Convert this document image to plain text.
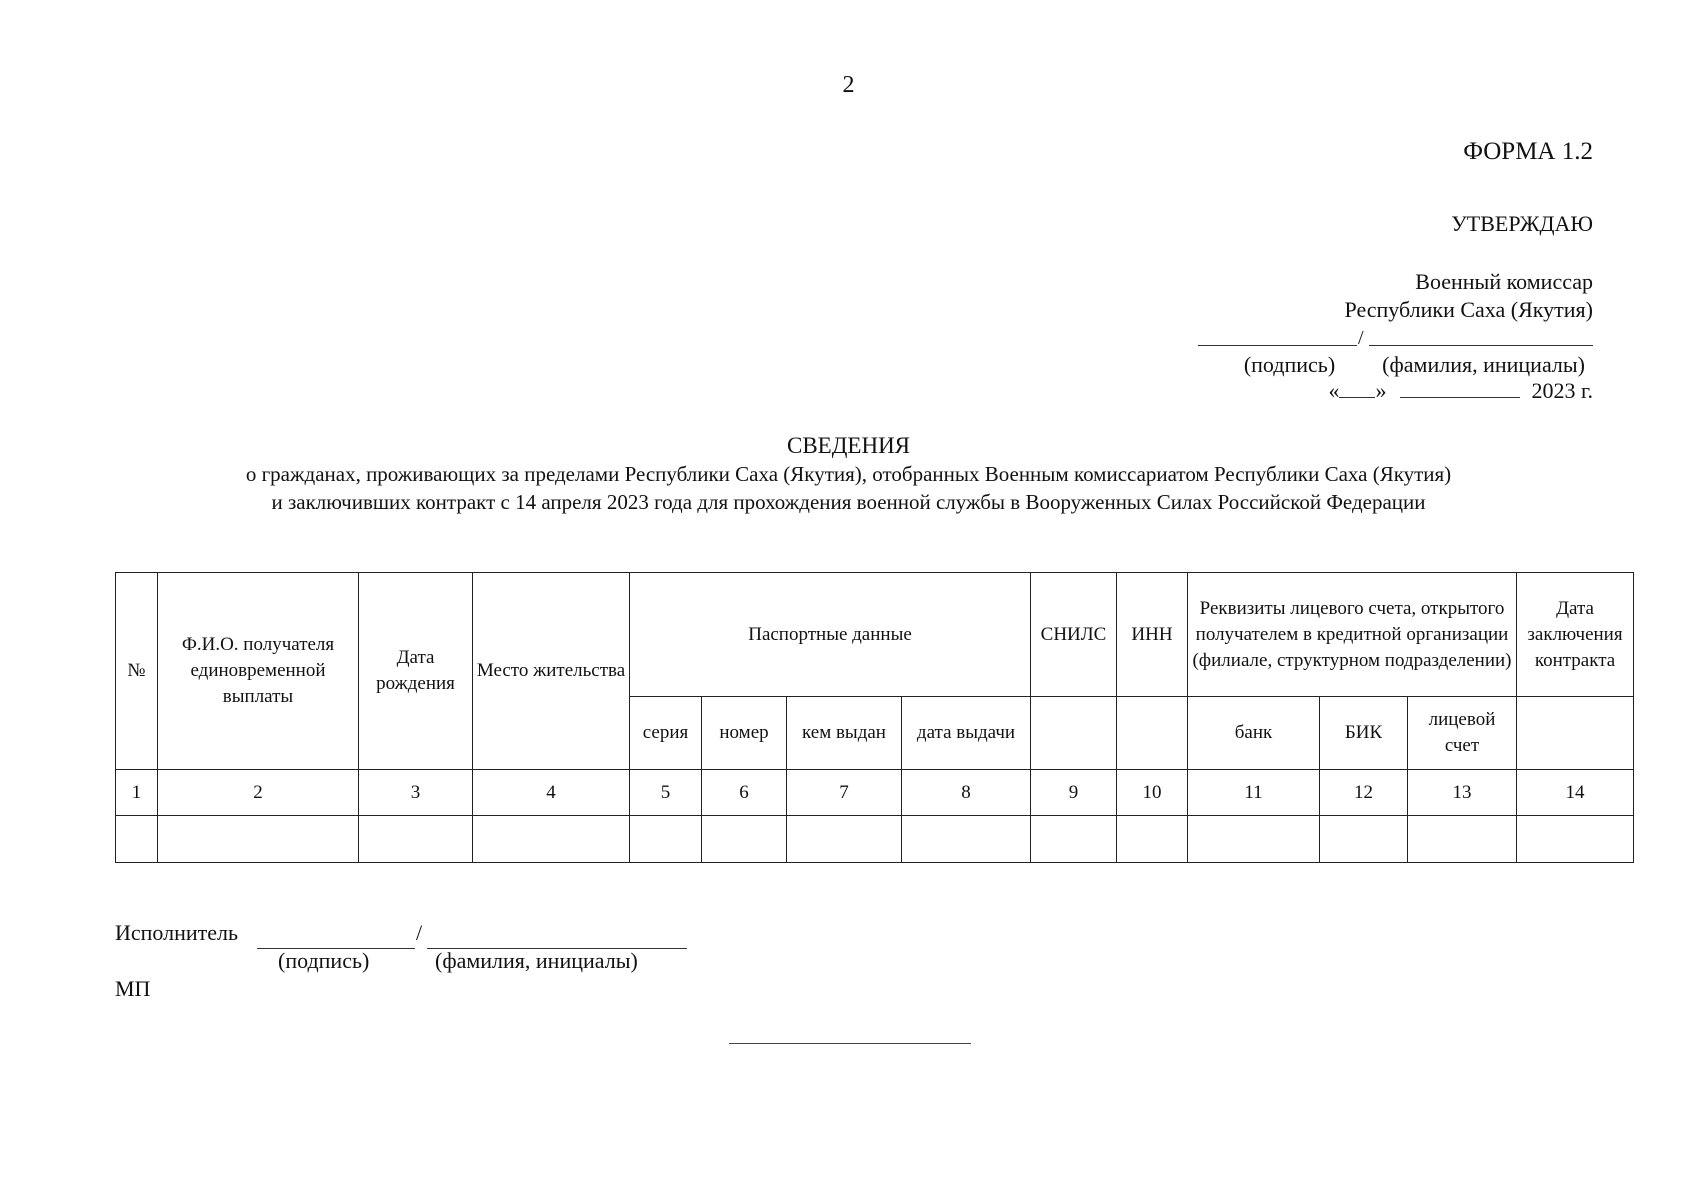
2
ФОРМА 1.2
УТВЕРЖДАЮ
Военный комиссар
Республики Саха (Якутия)
/
(подпись) (фамилия, инициалы)
« »	2023 г.
СВЕДЕНИЯ
о гражданах, проживающих за пределами Республики Саха (Якутия), отобранных Военным комиссариатом Республики Саха (Якутия)
и заключивших контракт с 14 апреля 2023 года для прохождения военной службы в Вооруженных Силах Российской Федерации
№	Ф.И.О. получателя единовременной выплаты	Дата рождения	Место жительства	Паспортные данные				СНИЛС	ИНН	Реквизиты лицевого счета, открытого получателем в кредитной организации (филиале, структурном подразделении)			Дата заключения контракта
				серия	номер	кем выдан	дата выдачи			банк	БИК	лицевой счет	
1	2	3	4	5	6	7	8	9	10	11	12	13	14

Исполнитель	/
(подпись)	(фамилия, инициалы)
МП
